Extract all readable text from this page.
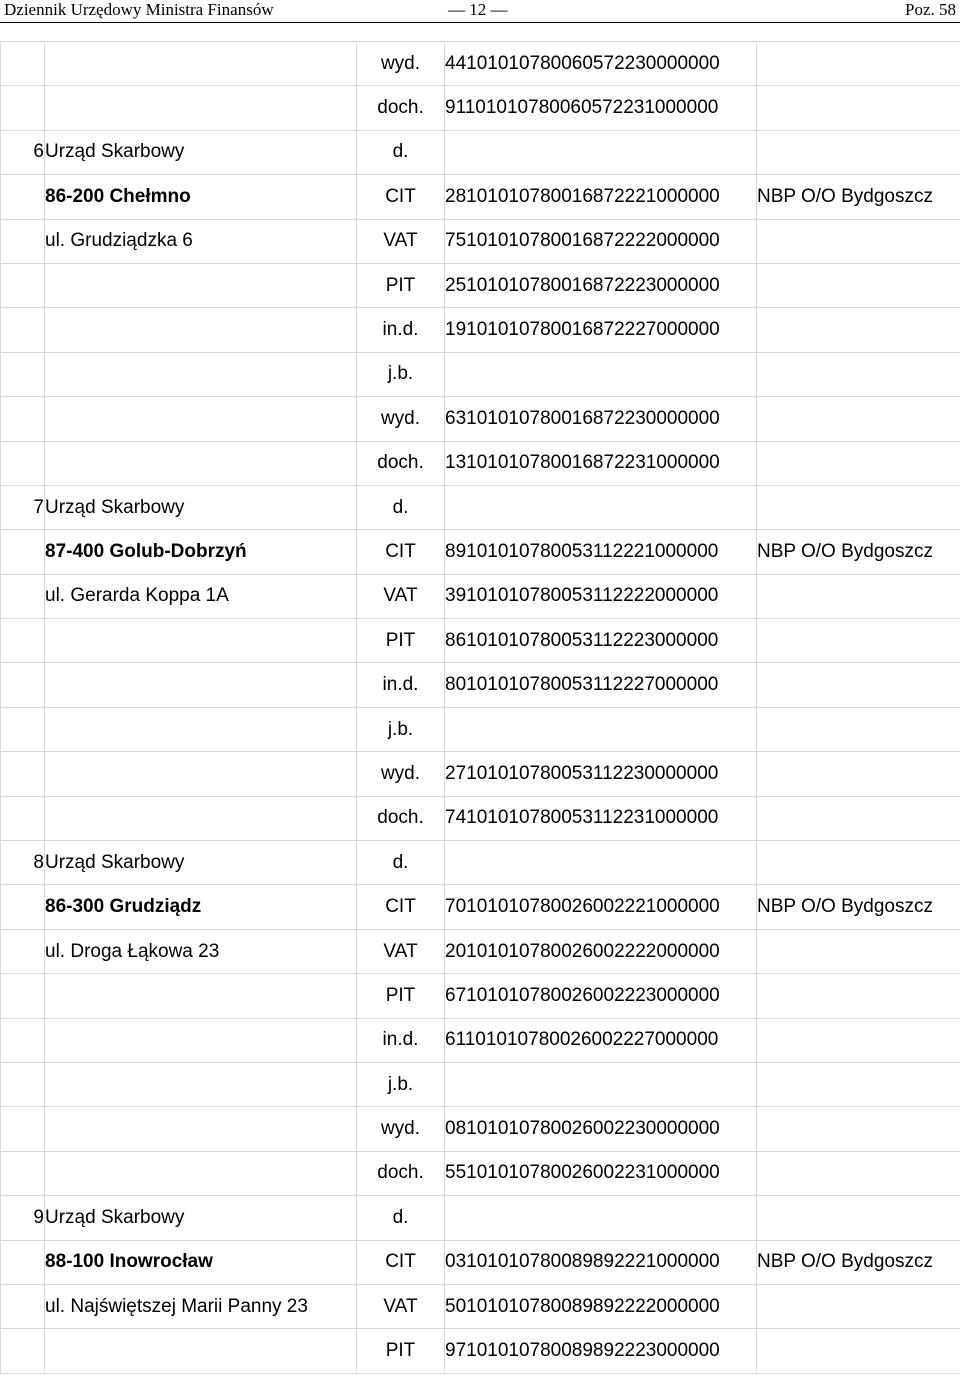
Dziennik Urzędowy Ministra Finansów	— 12 —	Poz. 58
		wyd.	44101010780060572230000000	
		doch.	91101010780060572231000000	
6	Urząd Skarbowy	d.		
	86-200 Chełmno	CIT	28101010780016872221000000	NBP O/O Bydgoszcz
	ul. Grudziądzka 6	VAT	75101010780016872222000000	
		PIT	25101010780016872223000000	
		in.d.	19101010780016872227000000	
		j.b.		
		wyd.	63101010780016872230000000	
		doch.	13101010780016872231000000	
7	Urząd Skarbowy	d.		
	87-400 Golub-Dobrzyń	CIT	89101010780053112221000000	NBP O/O Bydgoszcz
	ul. Gerarda Koppa 1A	VAT	39101010780053112222000000	
		PIT	86101010780053112223000000	
		in.d.	80101010780053112227000000	
		j.b.		
		wyd.	27101010780053112230000000	
		doch.	74101010780053112231000000	
8	Urząd Skarbowy	d.		
	86-300 Grudziądz	CIT	70101010780026002221000000	NBP O/O Bydgoszcz
	ul. Droga Łąkowa 23	VAT	20101010780026002222000000	
		PIT	67101010780026002223000000	
		in.d.	61101010780026002227000000	
		j.b.		
		wyd.	08101010780026002230000000	
		doch.	55101010780026002231000000	
9	Urząd Skarbowy	d.		
	88-100 Inowrocław	CIT	03101010780089892221000000	NBP O/O Bydgoszcz
	ul. Najświętszej Marii Panny 23	VAT	50101010780089892222000000	
		PIT	97101010780089892223000000	
